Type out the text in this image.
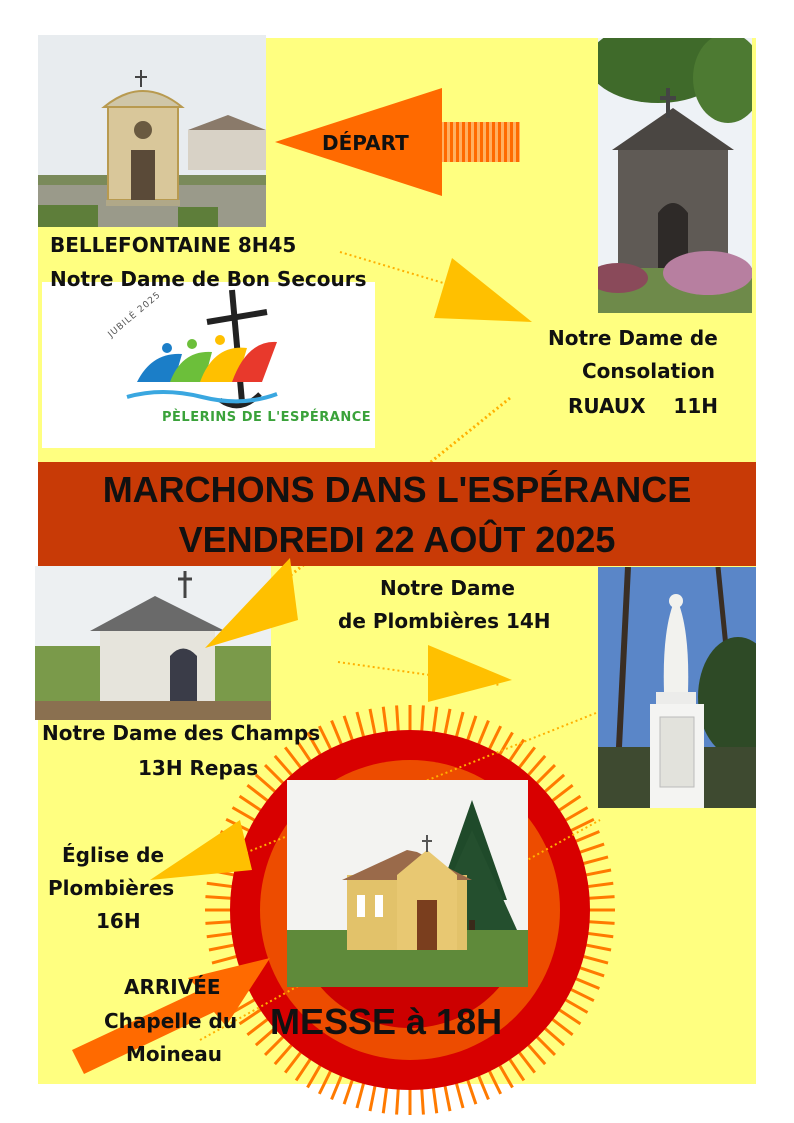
JUBILÉ 2025
PÈLERINS DE L'ESPÉRANCE
MARCHONS DANS L'ESPÉRANCE
VENDREDI 22 AOÛT 2025
DÉPART
BELLEFONTAINE 8H45
Notre Dame de Bon Secours
Notre Dame de
Consolation
RUAUX    11H
Notre Dame
de Plombières 14H
Notre Dame des Champs
13H Repas
Église de
Plombières
16H
ARRIVÉE
Chapelle du
Moineau
MESSE à 18H
